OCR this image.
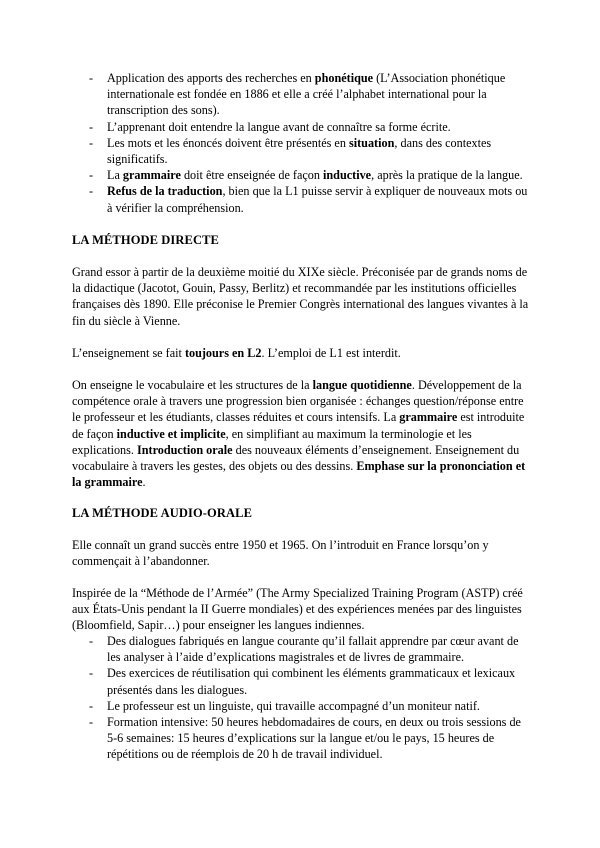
- Application des apports des recherches en phonétique (L’Association phonétique internationale est fondée en 1886 et elle a créé l’alphabet international pour la transcription des sons).
- L’apprenant doit entendre la langue avant de connaître sa forme écrite.
- Les mots et les énoncés doivent être présentés en situation, dans des contextes significatifs.
- La grammaire doit être enseignée de façon inductive, après la pratique de la langue.
- Refus de la traduction, bien que la L1 puisse servir à expliquer de nouveaux mots ou à vérifier la compréhension.
LA MÉTHODE DIRECTE

Grand essor à partir de la deuxième moitié du XIXe siècle. Préconisée par de grands noms de la didactique (Jacotot, Gouin, Passy, Berlitz) et recommandée par les institutions officielles françaises dès 1890. Elle préconise le Premier Congrès international des langues vivantes à la fin du siècle à Vienne.

L’enseignement se fait toujours en L2. L’emploi de L1 est interdit.

On enseigne le vocabulaire et les structures de la langue quotidienne. Développement de la compétence orale à travers une progression bien organisée : échanges question/réponse entre le professeur et les étudiants, classes réduites et cours intensifs. La grammaire est introduite de façon inductive et implicite, en simplifiant au maximum la terminologie et les explications. Introduction orale des nouveaux éléments d’enseignement. Enseignement du vocabulaire à travers les gestes, des objets ou des dessins. Emphase sur la prononciation et la grammaire.

LA MÉTHODE AUDIO-ORALE

Elle connaît un grand succès entre 1950 et 1965. On l’introduit en France lorsqu’on y commençait à l’abandonner.

Inspirée de la “Méthode de l’Armée” (The Army Specialized Training Program (ASTP) créé aux États-Unis pendant la II Guerre mondiales) et des expériences menées par des linguistes (Bloomfield, Sapir…) pour enseigner les langues indiennes.

- Des dialogues fabriqués en langue courante qu’il fallait apprendre par cœur avant de les analyser à l’aide d’explications magistrales et de livres de grammaire.
- Des exercices de réutilisation qui combinent les éléments grammaticaux et lexicaux présentés dans les dialogues.
- Le professeur est un linguiste, qui travaille accompagné d’un moniteur natif.
- Formation intensive: 50 heures hebdomadaires de cours, en deux ou trois sessions de 5-6 semaines: 15 heures d’explications sur la langue et/ou le pays, 15 heures de répétitions ou de réemplois de 20 h de travail individuel.
